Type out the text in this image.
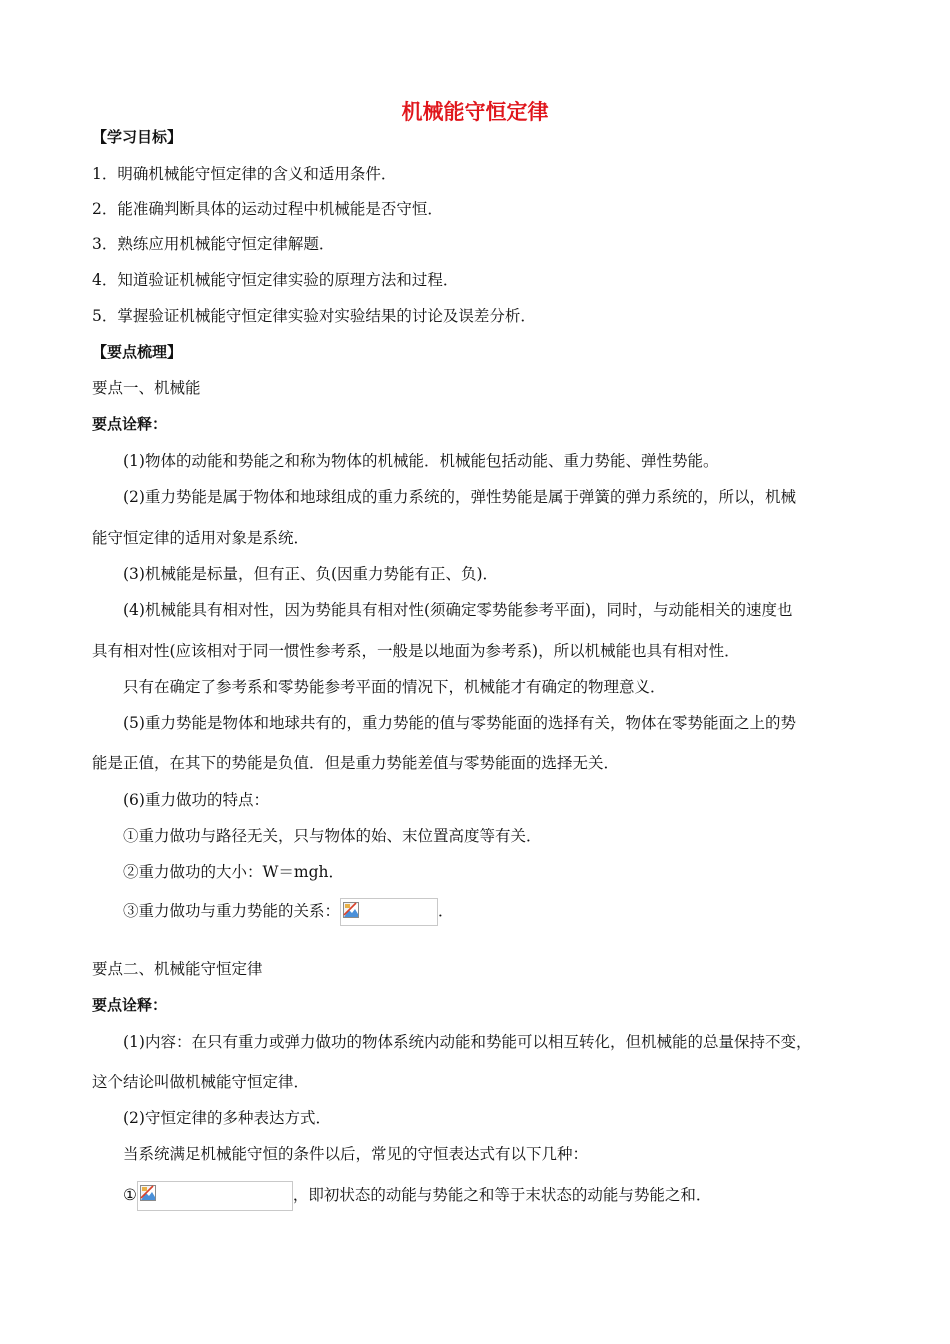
机械能守恒定律
【学习目标】
1．明确机械能守恒定律的含义和适用条件．
2．能准确判断具体的运动过程中机械能是否守恒．
3．熟练应用机械能守恒定律解题．
4．知道验证机械能守恒定律实验的原理方法和过程．
5．掌握验证机械能守恒定律实验对实验结果的讨论及误差分析．
【要点梳理】
要点一、机械能
要点诠释：
(1)物体的动能和势能之和称为物体的机械能．机械能包括动能、重力势能、弹性势能。
(2)重力势能是属于物体和地球组成的重力系统的，弹性势能是属于弹簧的弹力系统的，所以，机械
能守恒定律的适用对象是系统．
(3)机械能是标量，但有正、负(因重力势能有正、负)．
(4)机械能具有相对性，因为势能具有相对性(须确定零势能参考平面)，同时，与动能相关的速度也
具有相对性(应该相对于同一惯性参考系，一般是以地面为参考系)，所以机械能也具有相对性．
只有在确定了参考系和零势能参考平面的情况下，机械能才有确定的物理意义．
(5)重力势能是物体和地球共有的，重力势能的值与零势能面的选择有关，物体在零势能面之上的势
能是正值，在其下的势能是负值．但是重力势能差值与零势能面的选择无关．
(6)重力做功的特点：
①重力做功与路径无关，只与物体的始、末位置高度等有关．
②重力做功的大小：W＝mgh．
③重力做功与重力势能的关系：	．
要点二、机械能守恒定律
要点诠释：
(1)内容：在只有重力或弹力做功的物体系统内动能和势能可以相互转化，但机械能的总量保持不变，
这个结论叫做机械能守恒定律．
(2)守恒定律的多种表达方式．
当系统满足机械能守恒的条件以后，常见的守恒表达式有以下几种：
①	，即初状态的动能与势能之和等于末状态的动能与势能之和．
